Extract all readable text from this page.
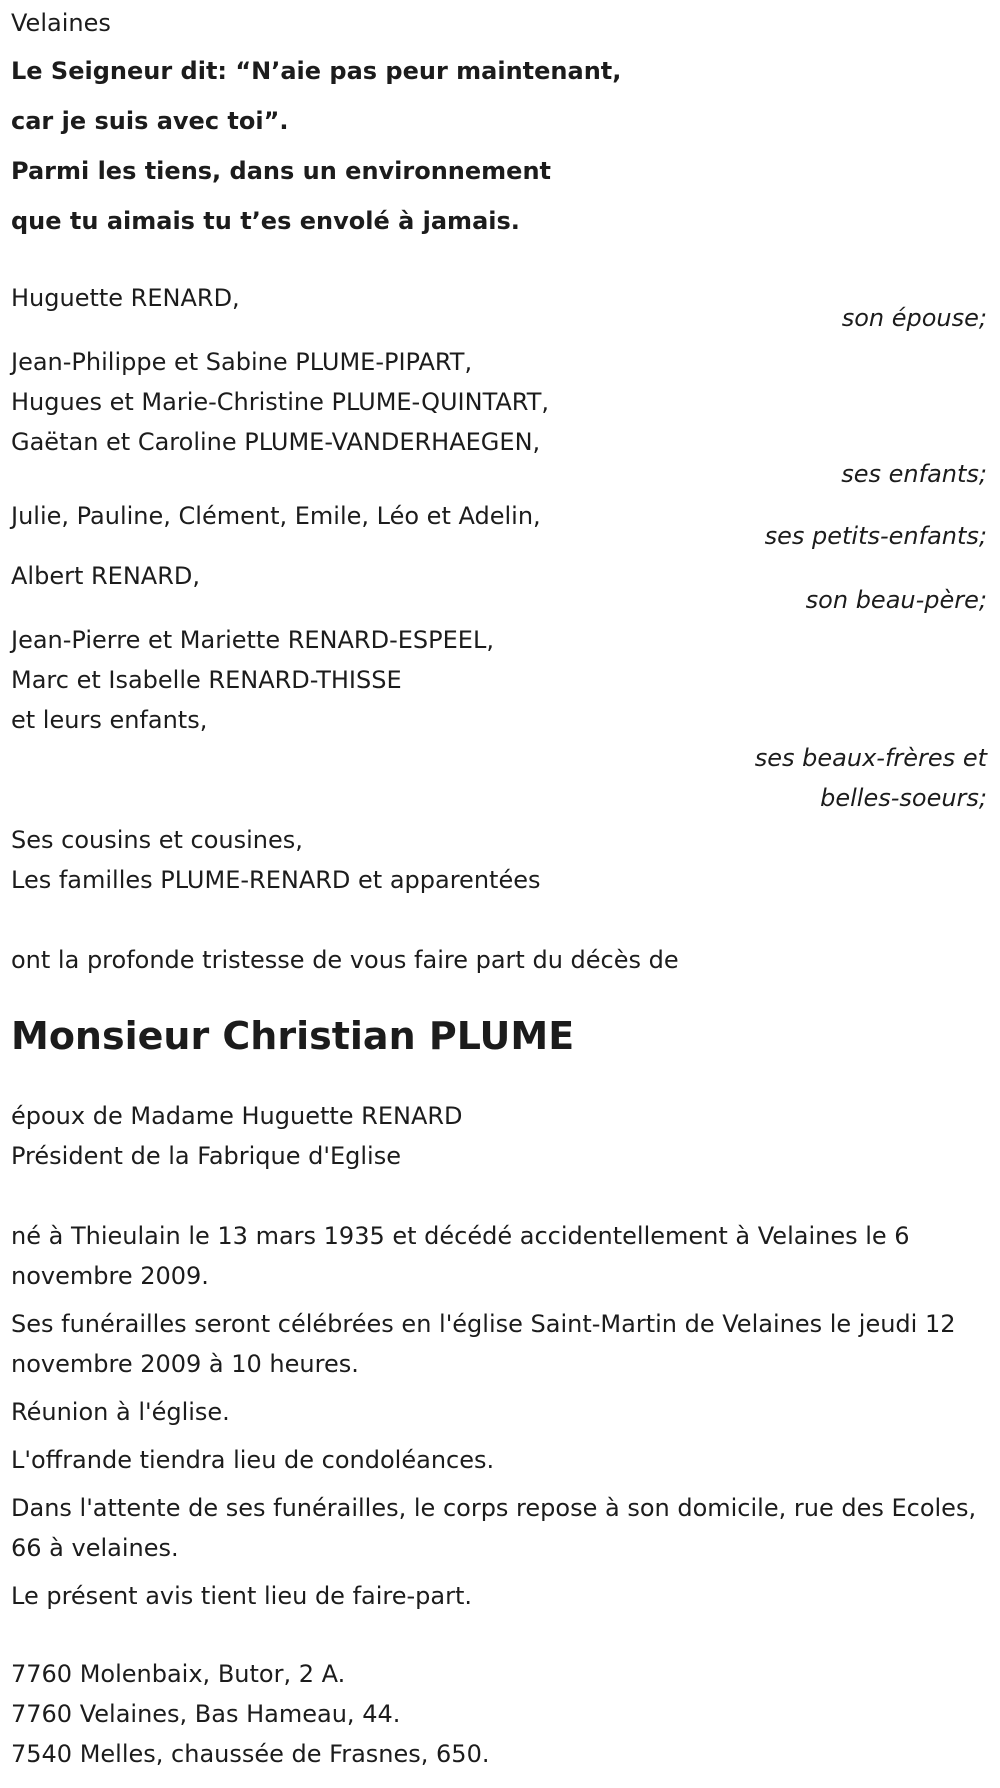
Velaines
Le Seigneur dit: “N’aie pas peur maintenant,
car je suis avec toi”.
Parmi les tiens, dans un environnement
que tu aimais tu t’es envolé à jamais.
Huguette RENARD,
son épouse;
Jean-Philippe et Sabine PLUME-PIPART,
Hugues et Marie-Christine PLUME-QUINTART,
Gaëtan et Caroline PLUME-VANDERHAEGEN,
ses enfants;
Julie, Pauline, Clément, Emile, Léo et Adelin,
ses petits-enfants;
Albert RENARD,
son beau-père;
Jean-Pierre et Mariette RENARD-ESPEEL,
Marc et Isabelle RENARD-THISSE
et leurs enfants,
ses beaux-frères et
belles-soeurs;
Ses cousins et cousines,
Les familles PLUME-RENARD et apparentées
ont la profonde tristesse de vous faire part du décès de
Monsieur Christian PLUME
époux de Madame Huguette RENARD
Président de la Fabrique d'Eglise
né à Thieulain le 13 mars 1935 et décédé accidentellement à Velaines le 6 novembre 2009.
Ses funérailles seront célébrées en l'église Saint-Martin de Velaines le jeudi 12 novembre 2009 à 10 heures.
Réunion à l'église.
L'offrande tiendra lieu de condoléances.
Dans l'attente de ses funérailles, le corps repose à son domicile, rue des Ecoles, 66 à velaines.
Le présent avis tient lieu de faire-part.
7760 Molenbaix, Butor, 2 A.
7760 Velaines, Bas Hameau, 44.
7540 Melles, chaussée de Frasnes, 650.
